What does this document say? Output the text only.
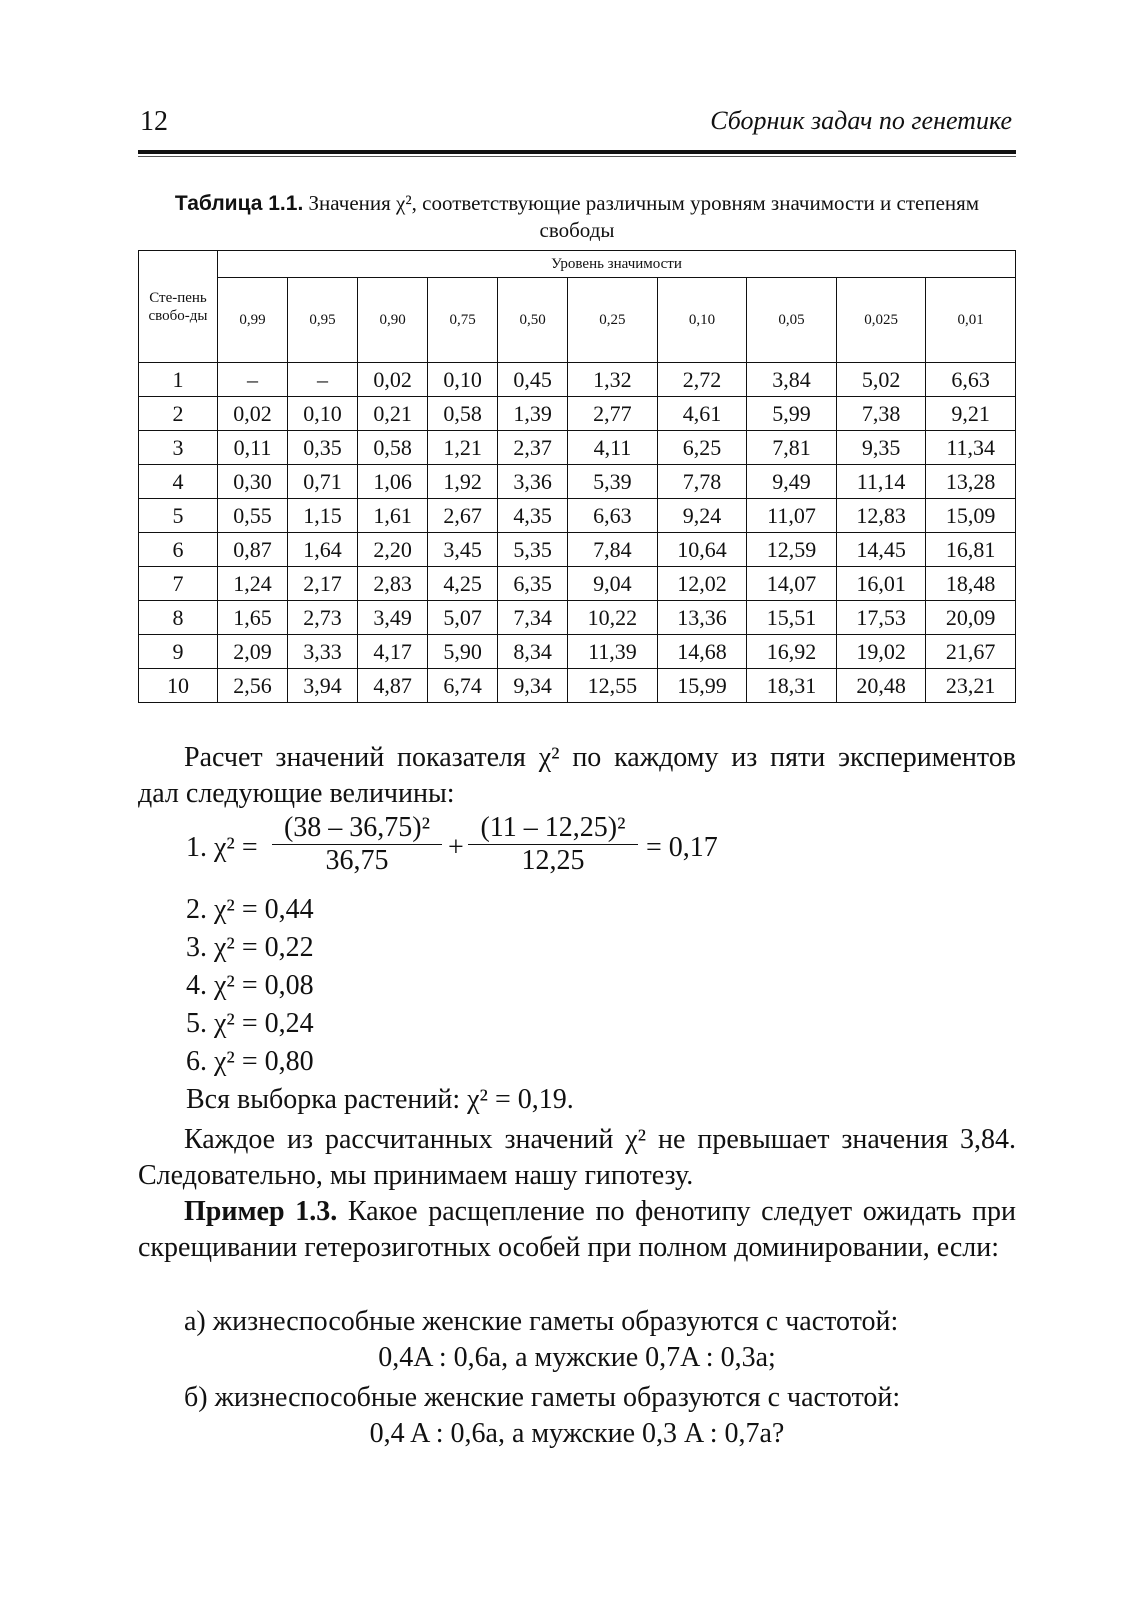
12	Сборник задач по генетике
Таблица 1.1. Значения χ², соответствующие различным уровням значимости и степеням свободы
Сте-пень свобо-ды	Уровень значимости									
	0,99	0,95	0,90	0,75	0,50	0,25	0,10	0,05	0,025	0,01
1	–	–	0,02	0,10	0,45	1,32	2,72	3,84	5,02	6,63
2	0,02	0,10	0,21	0,58	1,39	2,77	4,61	5,99	7,38	9,21
3	0,11	0,35	0,58	1,21	2,37	4,11	6,25	7,81	9,35	11,34
4	0,30	0,71	1,06	1,92	3,36	5,39	7,78	9,49	11,14	13,28
5	0,55	1,15	1,61	2,67	4,35	6,63	9,24	11,07	12,83	15,09
6	0,87	1,64	2,20	3,45	5,35	7,84	10,64	12,59	14,45	16,81
7	1,24	2,17	2,83	4,25	6,35	9,04	12,02	14,07	16,01	18,48
8	1,65	2,73	3,49	5,07	7,34	10,22	13,36	15,51	17,53	20,09
9	2,09	3,33	4,17	5,90	8,34	11,39	14,68	16,92	19,02	21,67
10	2,56	3,94	4,87	6,74	9,34	12,55	15,99	18,31	20,48	23,21

Расчет значений показателя χ² по каждому из пяти экспериментов дал следующие величины:

1. $\chi^2 = \frac{\text{(38 – 36,75)²}}{36,75} + \frac{\text{(11 – 12,25)²}}{12,25} = 0,17$
2. χ² = 0,44
3. χ² = 0,22
4. χ² = 0,08
5. χ² = 0,24
6. χ² = 0,80
Вся выборка растений: χ² = 0,19.

Каждое из рассчитанных значений χ² не превышает значения 3,84. Следовательно, мы принимаем нашу гипотезу.

Пример 1.3. Какое расщепление по фенотипу следует ожидать при скрещивании гетерозиготных особей при полном доминировании, если:

а) жизнеспособные женские гаметы образуются с частотой:

0,4A : 0,6a, а мужские 0,7A : 0,3a;

б) жизнеспособные женские гаметы образуются с частотой:

0,4 A : 0,6a, а мужские 0,3 A : 0,7a?
